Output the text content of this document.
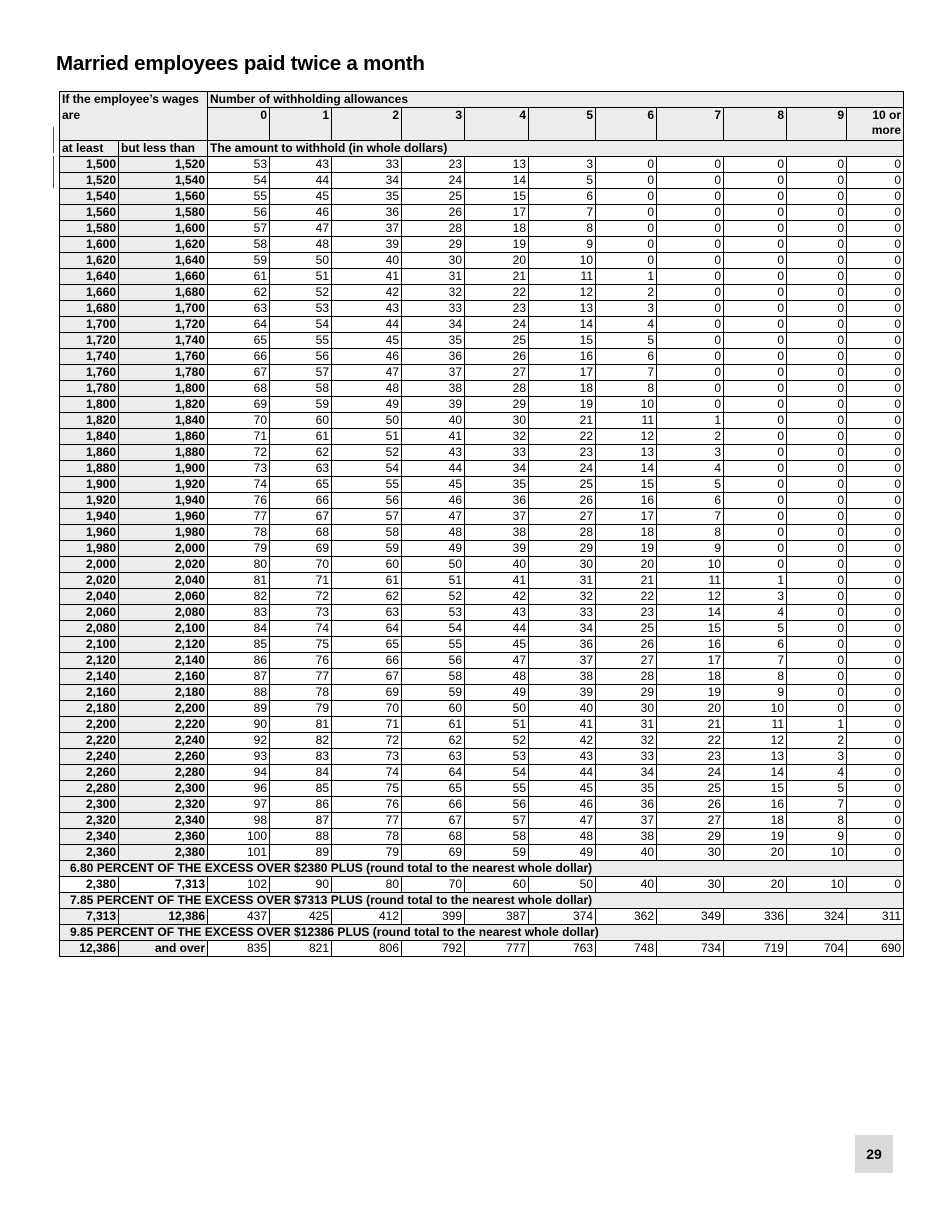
Married employees paid twice a month
If the employee’s wages		Number of withholding allowances										
are		0	1	2	3	4	5	6	7	8	9	10 or
more

at least	but less than	The amount to withhold (in whole dollars)										
1,500	1,520	53	43	33	23	13	3	0	0	0	0	0
1,520	1,540	54	44	34	24	14	5	0	0	0	0	0
1,540	1,560	55	45	35	25	15	6	0	0	0	0	0
1,560	1,580	56	46	36	26	17	7	0	0	0	0	0
1,580	1,600	57	47	37	28	18	8	0	0	0	0	0
1,600	1,620	58	48	39	29	19	9	0	0	0	0	0
1,620	1,640	59	50	40	30	20	10	0	0	0	0	0
1,640	1,660	61	51	41	31	21	11	1	0	0	0	0
1,660	1,680	62	52	42	32	22	12	2	0	0	0	0
1,680	1,700	63	53	43	33	23	13	3	0	0	0	0
1,700	1,720	64	54	44	34	24	14	4	0	0	0	0
1,720	1,740	65	55	45	35	25	15	5	0	0	0	0
1,740	1,760	66	56	46	36	26	16	6	0	0	0	0
1,760	1,780	67	57	47	37	27	17	7	0	0	0	0
1,780	1,800	68	58	48	38	28	18	8	0	0	0	0
1,800	1,820	69	59	49	39	29	19	10	0	0	0	0
1,820	1,840	70	60	50	40	30	21	11	1	0	0	0
1,840	1,860	71	61	51	41	32	22	12	2	0	0	0
1,860	1,880	72	62	52	43	33	23	13	3	0	0	0
1,880	1,900	73	63	54	44	34	24	14	4	0	0	0
1,900	1,920	74	65	55	45	35	25	15	5	0	0	0
1,920	1,940	76	66	56	46	36	26	16	6	0	0	0
1,940	1,960	77	67	57	47	37	27	17	7	0	0	0
1,960	1,980	78	68	58	48	38	28	18	8	0	0	0
1,980	2,000	79	69	59	49	39	29	19	9	0	0	0
2,000	2,020	80	70	60	50	40	30	20	10	0	0	0
2,020	2,040	81	71	61	51	41	31	21	11	1	0	0
2,040	2,060	82	72	62	52	42	32	22	12	3	0	0
2,060	2,080	83	73	63	53	43	33	23	14	4	0	0
2,080	2,100	84	74	64	54	44	34	25	15	5	0	0
2,100	2,120	85	75	65	55	45	36	26	16	6	0	0
2,120	2,140	86	76	66	56	47	37	27	17	7	0	0
2,140	2,160	87	77	67	58	48	38	28	18	8	0	0
2,160	2,180	88	78	69	59	49	39	29	19	9	0	0
2,180	2,200	89	79	70	60	50	40	30	20	10	0	0
2,200	2,220	90	81	71	61	51	41	31	21	11	1	0
2,220	2,240	92	82	72	62	52	42	32	22	12	2	0
2,240	2,260	93	83	73	63	53	43	33	23	13	3	0
2,260	2,280	94	84	74	64	54	44	34	24	14	4	0
2,280	2,300	96	85	75	65	55	45	35	25	15	5	0
2,300	2,320	97	86	76	66	56	46	36	26	16	7	0
2,320	2,340	98	87	77	67	57	47	37	27	18	8	0
2,340	2,360	100	88	78	68	58	48	38	29	19	9	0
2,360	2,380	101	89	79	69	59	49	40	30	20	10	0
6.80 PERCENT OF THE EXCESS OVER $2380 PLUS (round total to the nearest whole dollar)												
2,380	7,313	102	90	80	70	60	50	40	30	20	10	0
7.85 PERCENT OF THE EXCESS OVER $7313 PLUS (round total to the nearest whole dollar)												
7,313	12,386	437	425	412	399	387	374	362	349	336	324	311
9.85 PERCENT OF THE EXCESS OVER $12386 PLUS (round total to the nearest whole dollar)												
12,386	and over	835	821	806	792	777	763	748	734	719	704	690
29
